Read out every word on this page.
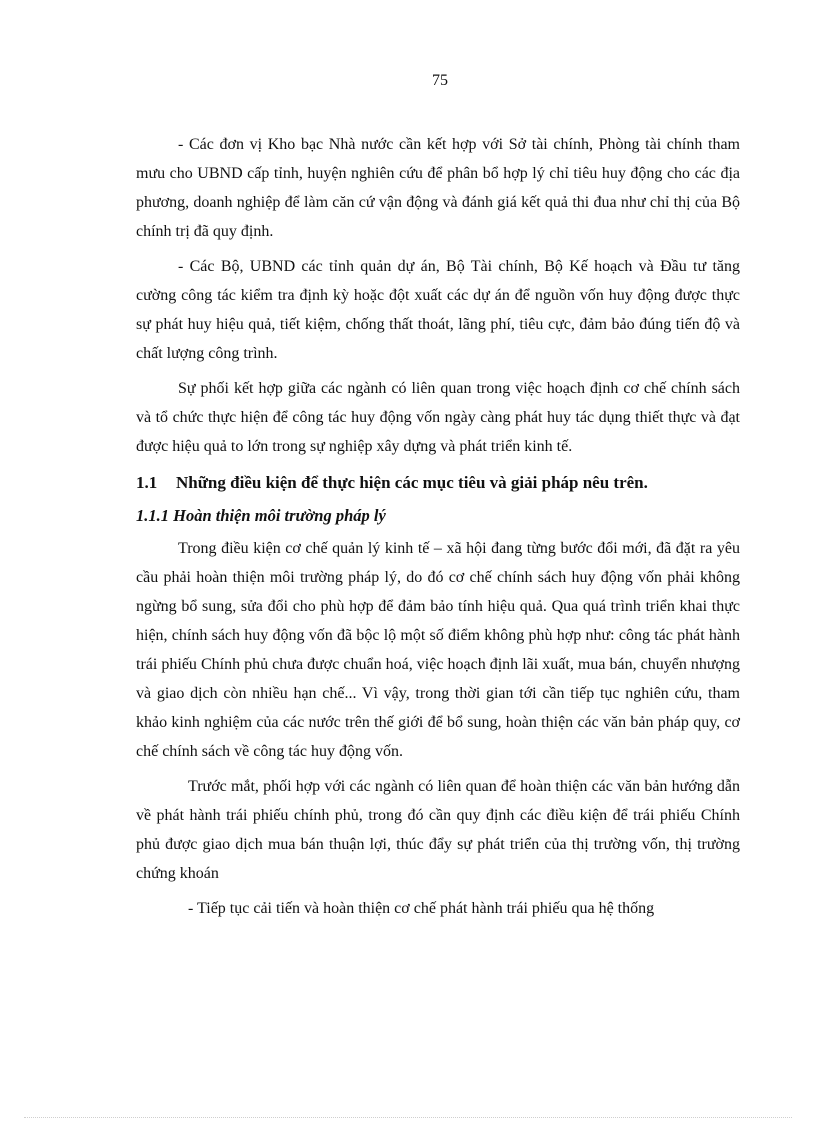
75

- Các đơn vị Kho bạc Nhà nước cần kết hợp với Sở tài chính, Phòng tài chính tham mưu cho UBND cấp tỉnh, huyện nghiên cứu để phân bổ hợp lý chỉ tiêu huy động cho các địa phương, doanh nghiệp để làm căn cứ vận động và đánh giá kết quả thi đua như chỉ thị của Bộ chính trị đã quy định.

- Các Bộ, UBND các tỉnh quản dự án, Bộ Tài chính, Bộ Kế hoạch và Đầu tư tăng cường công tác kiểm tra định kỳ hoặc đột xuất các dự án để nguồn vốn huy động được thực sự phát huy hiệu quả, tiết kiệm, chống thất thoát, lãng phí, tiêu cực, đảm bảo đúng tiến độ và chất lượng công trình.

Sự phối kết hợp giữa các ngành có liên quan trong việc hoạch định cơ chế chính sách và tổ chức thực hiện để công tác huy động vốn ngày càng phát huy tác dụng thiết thực và đạt được hiệu quả to lớn trong sự nghiệp xây dựng và phát triển kinh tế.

1.1	Những điều kiện để thực hiện các mục tiêu và giải pháp nêu trên.
1.1.1 Hoàn thiện môi trường pháp lý

Trong điều kiện cơ chế quản lý kinh tế – xã hội đang từng bước đổi mới, đã đặt ra yêu cầu phải hoàn thiện môi trường pháp lý, do đó cơ chế chính sách huy động vốn phải không ngừng bổ sung, sửa đổi cho phù hợp để đảm bảo tính hiệu quả. Qua quá trình triển khai thực hiện, chính sách huy động vốn đã bộc lộ một số điểm không phù hợp như: công tác phát hành trái phiếu Chính phủ chưa được chuẩn hoá, việc hoạch định lãi xuất, mua bán, chuyển nhượng và giao dịch còn nhiều hạn chế... Vì vậy, trong thời gian tới cần tiếp tục nghiên cứu, tham khảo kinh nghiệm của các nước trên thế giới để bổ sung, hoàn thiện các văn bản pháp quy, cơ chế chính sách về công tác huy động vốn.

Trước mắt, phối hợp với các ngành có liên quan để hoàn thiện các văn bản hướng dẫn về phát hành trái phiếu chính phủ, trong đó cần quy định các điều kiện để trái phiếu Chính phủ được giao dịch mua bán thuận lợi, thúc đẩy sự phát triển của thị trường vốn, thị trường chứng khoán

- Tiếp tục cải tiến và hoàn thiện cơ chế phát hành trái phiếu qua hệ thống
